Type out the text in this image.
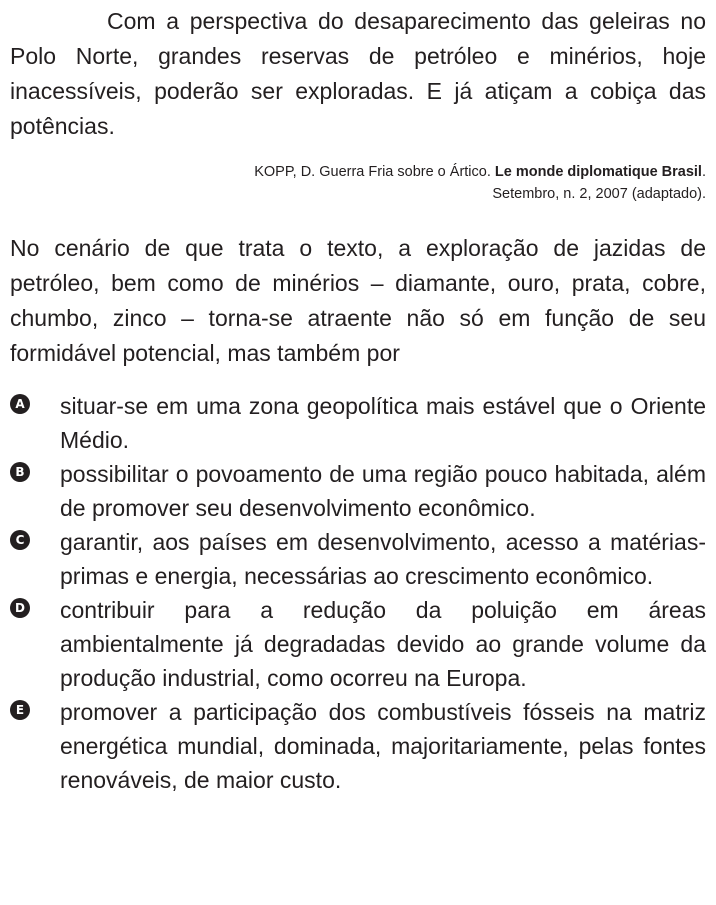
Com a perspectiva do desaparecimento das geleiras no Polo Norte, grandes reservas de petróleo e minérios, hoje inacessíveis, poderão ser exploradas. E já atiçam a cobiça das potências.

KOPP, D. Guerra Fria sobre o Ártico. Le monde diplomatique Brasil.
Setembro, n. 2, 2007 (adaptado).

No cenário de que trata o texto, a exploração de jazidas de petróleo, bem como de minérios – diamante, ouro, prata, cobre, chumbo, zinco – torna-se atraente não só em função de seu formidável potencial, mas também por

A situar-se em uma zona geopolítica mais estável que o Oriente Médio.
B possibilitar o povoamento de uma região pouco habitada, além de promover seu desenvolvimento econômico.
C garantir, aos países em desenvolvimento, acesso a matérias-primas e energia, necessárias ao crescimento econômico.
D contribuir para a redução da poluição em áreas ambientalmente já degradadas devido ao grande volume da produção industrial, como ocorreu na Europa.
E promover a participação dos combustíveis fósseis na matriz energética mundial, dominada, majoritariamente, pelas fontes renováveis, de maior custo.
